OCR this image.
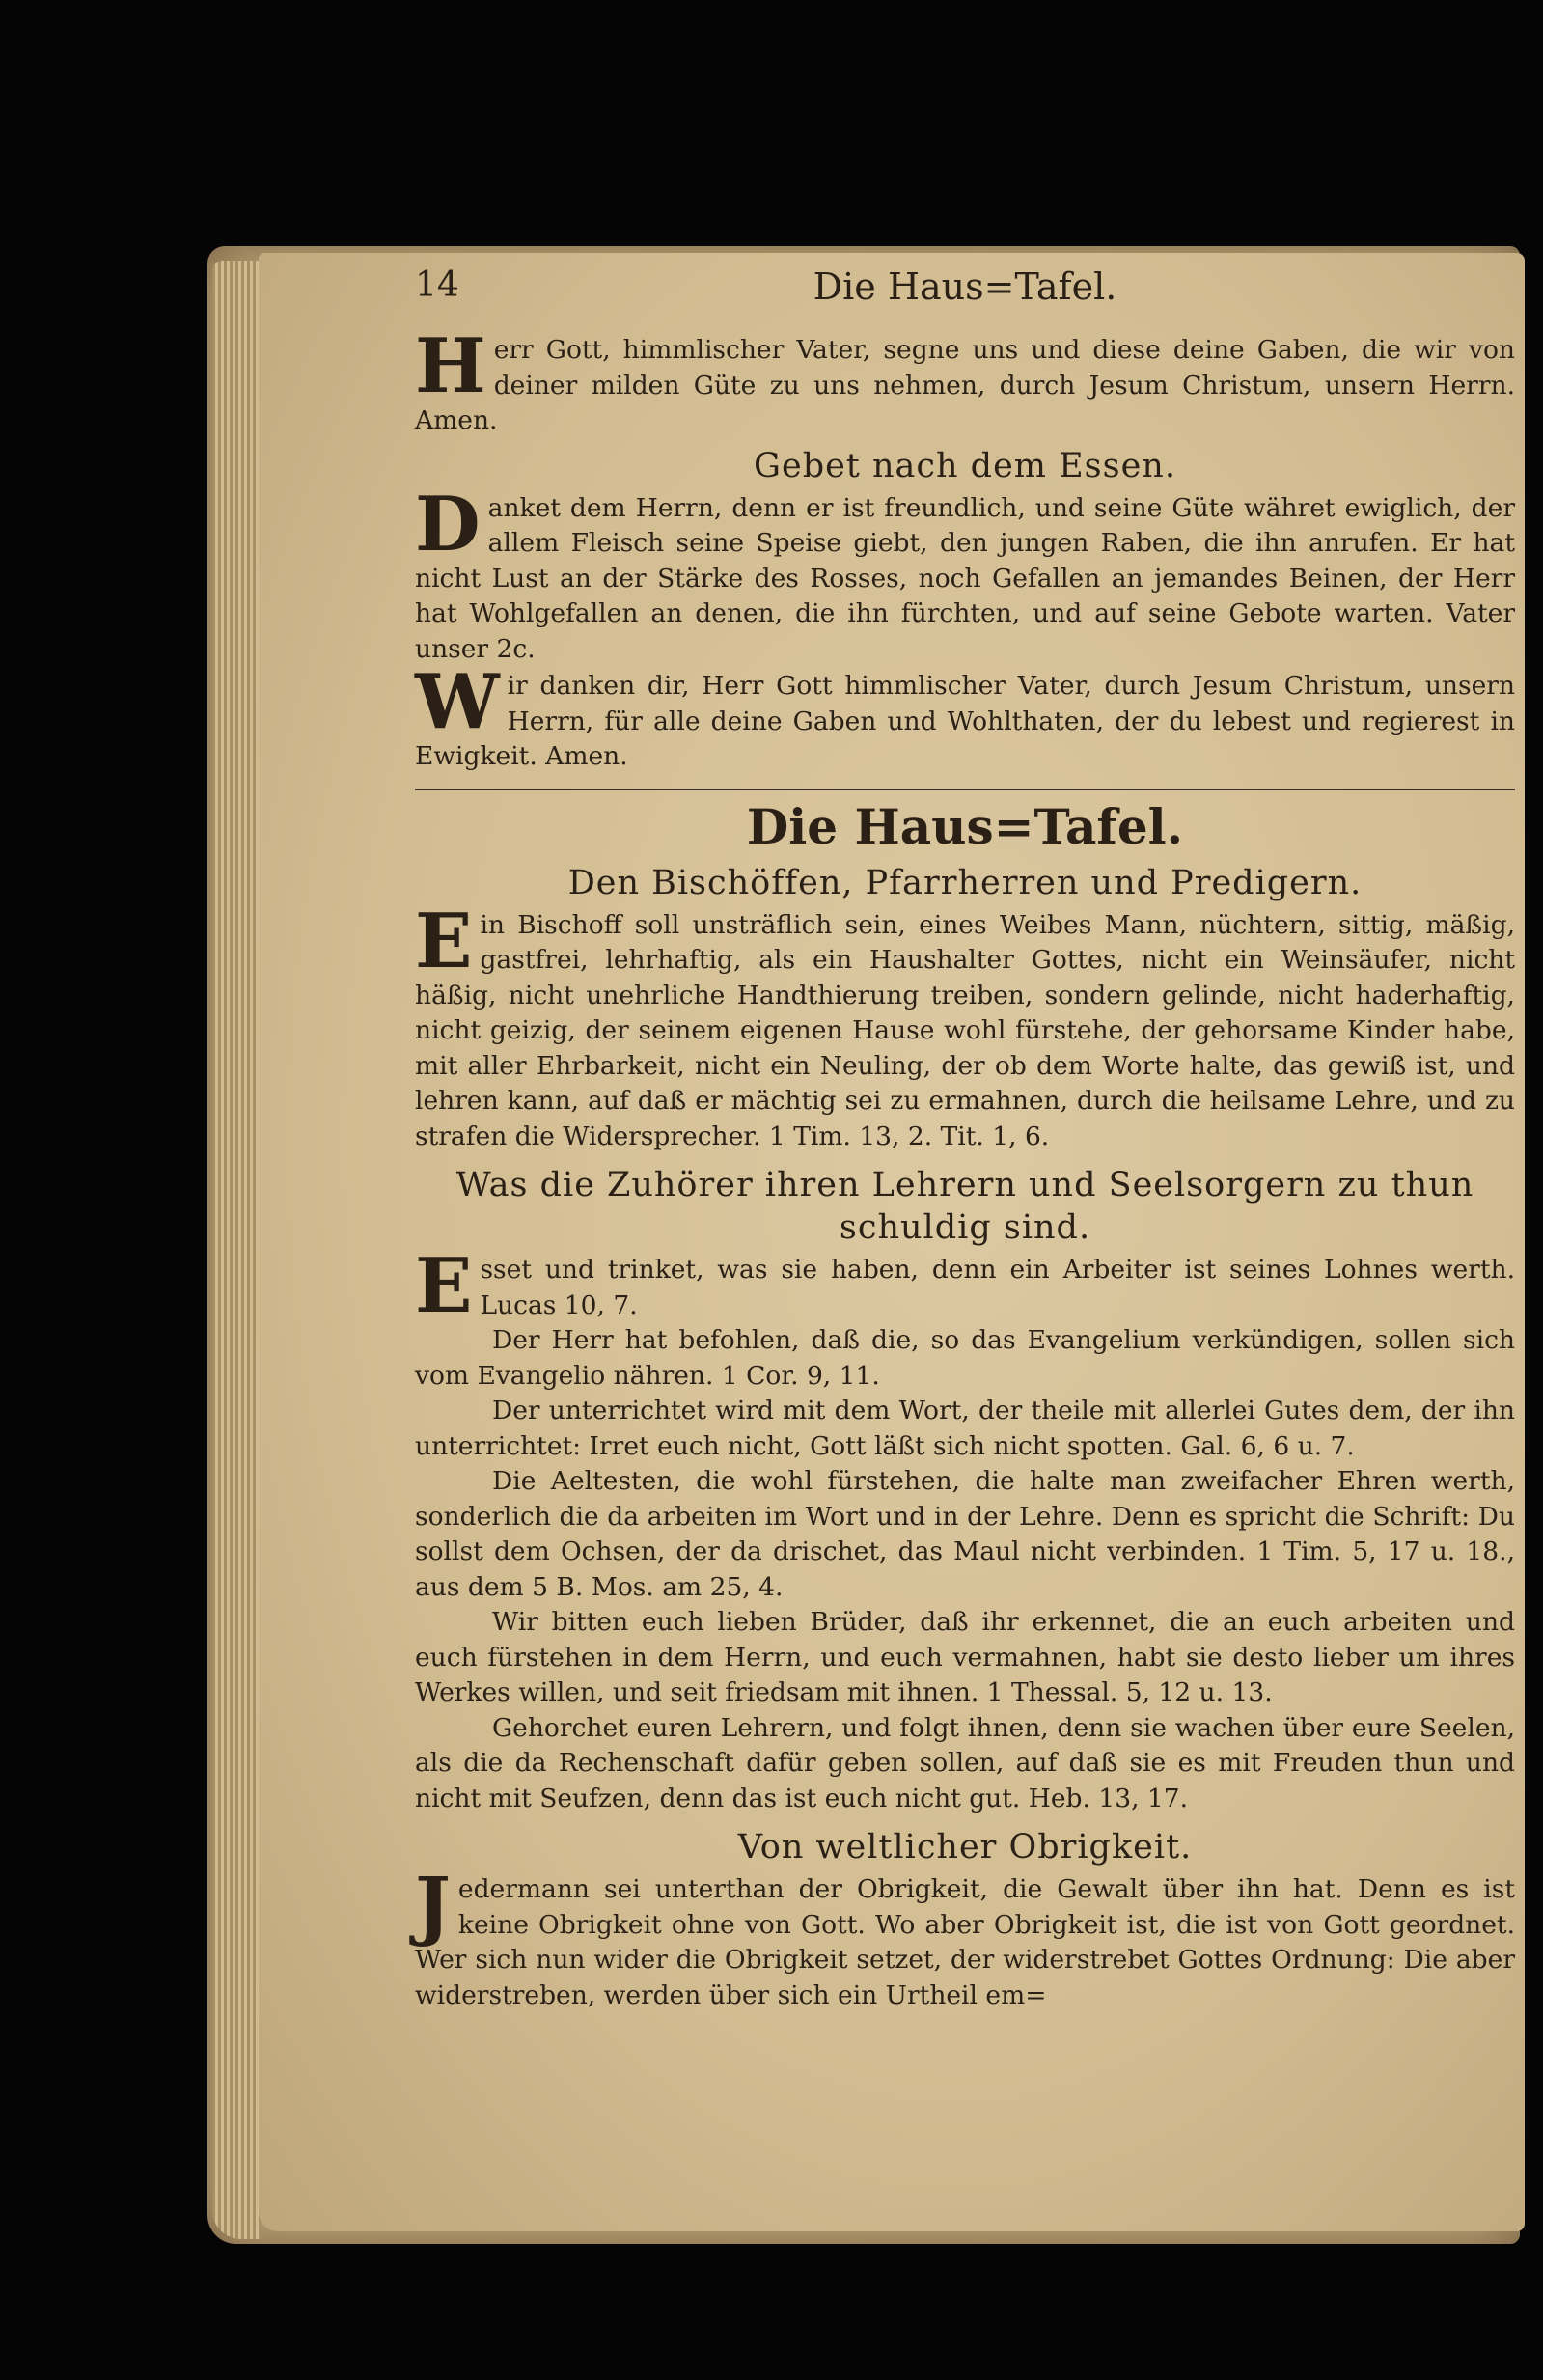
14	Die Haus=Tafel.

Herr Gott, himmlischer Vater, segne uns und diese deine Gaben, die wir von deiner milden Güte zu uns nehmen, durch Jesum Christum, unsern Herrn. Amen.

Gebet nach dem Essen.

Danket dem Herrn, denn er ist freundlich, und seine Güte währet ewiglich, der allem Fleisch seine Speise giebt, den jungen Raben, die ihn anrufen. Er hat nicht Lust an der Stärke des Rosses, noch Gefallen an jemandes Beinen, der Herr hat Wohlgefallen an denen, die ihn fürchten, und auf seine Gebote warten. Vater unser 2c.

Wir danken dir, Herr Gott himmlischer Vater, durch Jesum Christum, unsern Herrn, für alle deine Gaben und Wohlthaten, der du lebest und regierest in Ewigkeit. Amen.

Die Haus=Tafel.
Den Bischöffen, Pfarrherren und Predigern.

Ein Bischoff soll unsträflich sein, eines Weibes Mann, nüchtern, sittig, mäßig, gastfrei, lehrhaftig, als ein Haushalter Gottes, nicht ein Weinsäufer, nicht häßig, nicht unehrliche Handthierung treiben, sondern gelinde, nicht haderhaftig, nicht geizig, der seinem eigenen Hause wohl fürstehe, der gehorsame Kinder habe, mit aller Ehrbarkeit, nicht ein Neuling, der ob dem Worte halte, das gewiß ist, und lehren kann, auf daß er mächtig sei zu ermahnen, durch die heilsame Lehre, und zu strafen die Widersprecher. 1 Tim. 13, 2. Tit. 1, 6.

Was die Zuhörer ihren Lehrern und Seelsorgern zu thun
schuldig sind.

Esset und trinket, was sie haben, denn ein Arbeiter ist seines Lohnes werth. Lucas 10, 7.

Der Herr hat befohlen, daß die, so das Evangelium verkündigen, sollen sich vom Evangelio nähren. 1 Cor. 9, 11.

Der unterrichtet wird mit dem Wort, der theile mit allerlei Gutes dem, der ihn unterrichtet: Irret euch nicht, Gott läßt sich nicht spotten. Gal. 6, 6 u. 7.

Die Aeltesten, die wohl fürstehen, die halte man zweifacher Ehren werth, sonderlich die da arbeiten im Wort und in der Lehre. Denn es spricht die Schrift: Du sollst dem Ochsen, der da drischet, das Maul nicht verbinden. 1 Tim. 5, 17 u. 18., aus dem 5 B. Mos. am 25, 4.

Wir bitten euch lieben Brüder, daß ihr erkennet, die an euch arbeiten und euch fürstehen in dem Herrn, und euch vermahnen, habt sie desto lieber um ihres Werkes willen, und seit friedsam mit ihnen. 1 Thessal. 5, 12 u. 13.

Gehorchet euren Lehrern, und folgt ihnen, denn sie wachen über eure Seelen, als die da Rechenschaft dafür geben sollen, auf daß sie es mit Freuden thun und nicht mit Seufzen, denn das ist euch nicht gut. Heb. 13, 17.

Von weltlicher Obrigkeit.

Jedermann sei unterthan der Obrigkeit, die Gewalt über ihn hat. Denn es ist keine Obrigkeit ohne von Gott. Wo aber Obrigkeit ist, die ist von Gott geordnet. Wer sich nun wider die Obrigkeit setzet, der widerstrebet Gottes Ordnung: Die aber widerstreben, werden über sich ein Urtheil em=
